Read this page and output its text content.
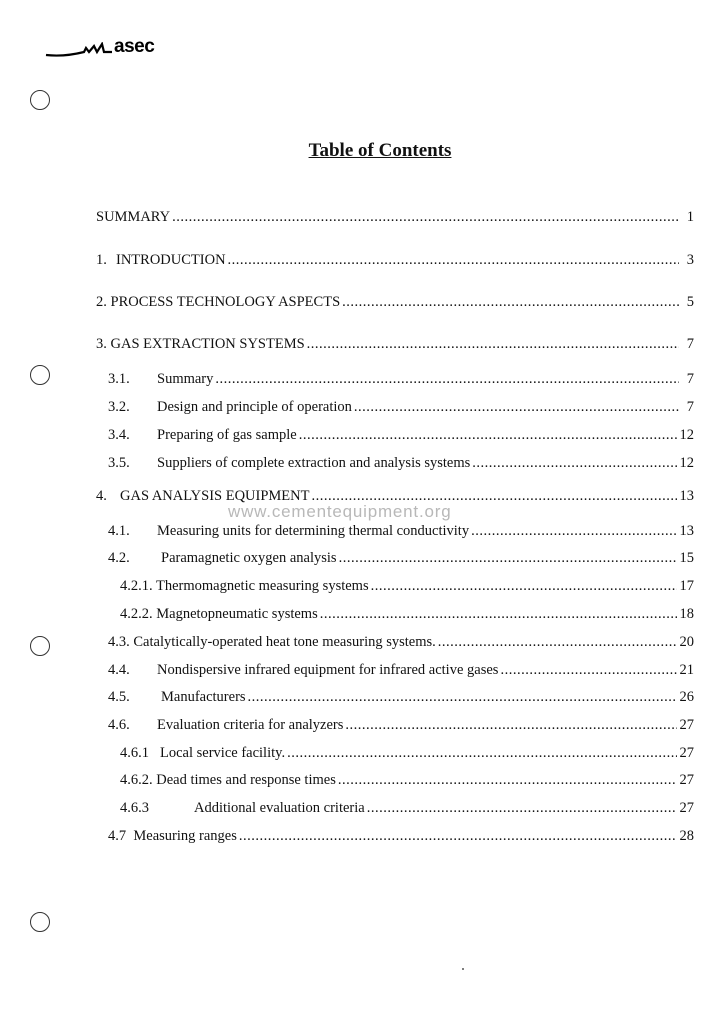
asec
Table of Contents
SUMMARY .....	1
1. INTRODUCTION .....	3
2. PROCESS TECHNOLOGY ASPECTS .....	5
3. GAS EXTRACTION SYSTEMS .....	7
3.1.	Summary .....	7
3.2.	Design and principle of operation .....	7
3.4.	Preparing of gas sample .....	12
3.5.	Suppliers of complete extraction and analysis systems .....	12
4. GAS ANALYSIS EQUIPMENT .....	13
4.1.	Measuring units for determining thermal conductivity .....	13
4.2.	Paramagnetic oxygen analysis .....	15
4.2.1. Thermomagnetic measuring systems .....	17
4.2.2. Magnetopneumatic systems .....	18
4.3. Catalytically-operated heat tone measuring systems. .....	20
4.4.	Nondispersive infrared equipment for infrared active gases .....	21
4.5.	Manufacturers .....	26
4.6.	Evaluation criteria for analyzers .....	27
4.6.1 Local service facility. .....	27
4.6.2. Dead times and response times .....	27
4.6.3	Additional evaluation criteria .....	27
4.7  Measuring ranges .....	28
www.cementequipment.org
